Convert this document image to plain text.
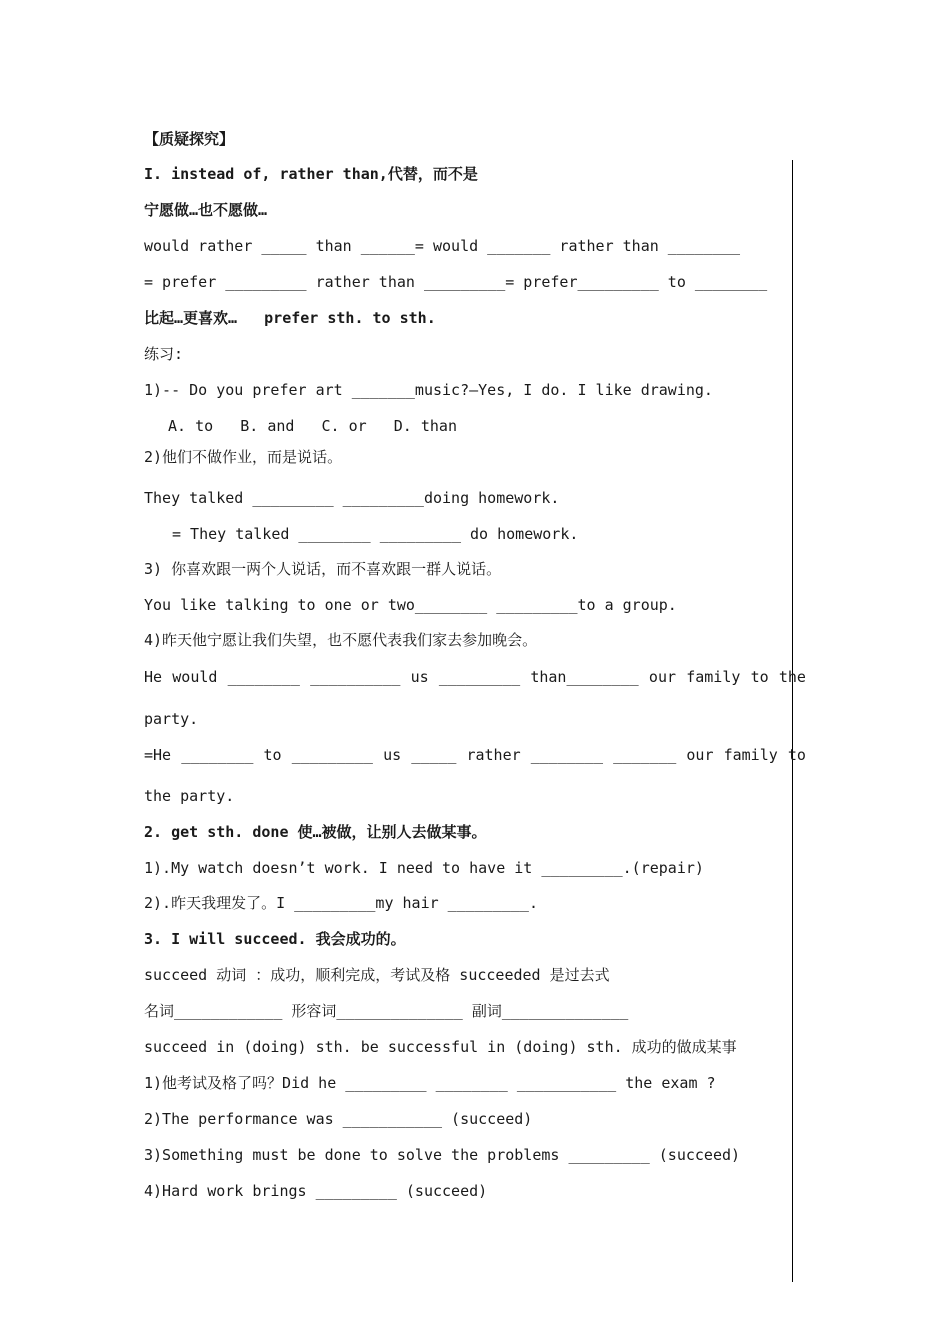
【质疑探究】
I. instead of, rather than,代替，而不是
宁愿做…也不愿做…
would rather _____ than ______= would _______ rather than ________
= prefer _________ rather than _________= prefer_________ to ________
比起…更喜欢…   prefer sth. to sth.
练习:
1)-- Do you prefer art _______music?—Yes, I do. I like drawing.
A. to   B. and   C. or   D. than
2)他们不做作业，而是说话。
They talked _________ _________doing homework.
= They talked ________ _________ do homework.
3) 你喜欢跟一两个人说话，而不喜欢跟一群人说话。
You like talking to one or two________ _________to a group.
4)昨天他宁愿让我们失望，也不愿代表我们家去参加晚会。
He would ________ __________ us _________ than________ our family to the
party.
=He ________ to _________ us _____ rather ________ _______ our family to
the party.
2. get sth. done 使…被做，让别人去做某事。
1).My watch doesn’t work. I need to have it _________.(repair)
2).昨天我理发了。I _________my hair _________.
3. I will succeed. 我会成功的。
succeed 动词 ：成功，顺利完成，考试及格 succeeded 是过去式
名词____________ 形容词______________ 副词______________
succeed in (doing) sth. be successful in (doing) sth. 成功的做成某事
1)他考试及格了吗？Did he _________ ________ ___________ the exam ?
2)The performance was ___________ (succeed)
3)Something must be done to solve the problems _________ (succeed)
4)Hard work brings _________ (succeed)
